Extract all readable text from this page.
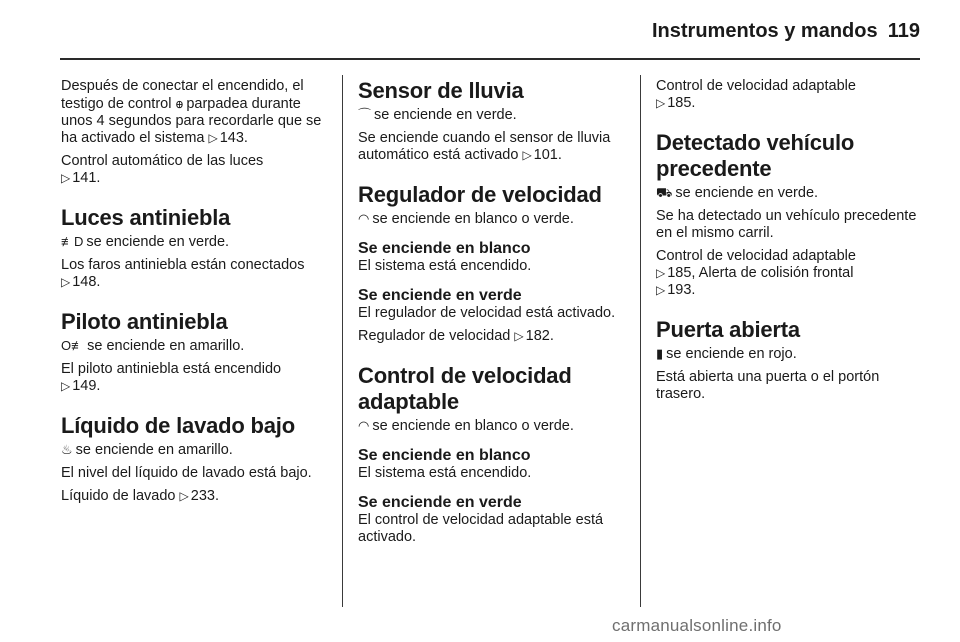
Instrumentos y mandos 119

Después de conectar el encendido, el testigo de control ꚛ parpadea durante unos 4 segundos para recordarle que se ha activado el sistema ▷ 143.

Control automático de las luces
▷ 141.

Luces antiniebla

≢D se enciende en verde.

Los faros antiniebla están conectados ▷ 148.

Piloto antiniebla

O≢ se enciende en amarillo.

El piloto antiniebla está encendido
▷ 149.

Líquido de lavado bajo

♨ se enciende en amarillo.

El nivel del líquido de lavado está bajo.

Líquido de lavado ▷ 233.

Sensor de lluvia

⌒ se enciende en verde.

Se enciende cuando el sensor de lluvia automático está activado ▷ 101.

Regulador de velocidad

◠ se enciende en blanco o verde.

Se enciende en blanco

El sistema está encendido.

Se enciende en verde

El regulador de velocidad está activado.

Regulador de velocidad ▷ 182.

Control de velocidad adaptable

◠ se enciende en blanco o verde.

Se enciende en blanco

El sistema está encendido.

Se enciende en verde

El control de velocidad adaptable está activado.

Control de velocidad adaptable
▷ 185.

Detectado vehículo precedente

⛟ se enciende en verde.

Se ha detectado un vehículo precedente en el mismo carril.

Control de velocidad adaptable
▷ 185, Alerta de colisión frontal
▷ 193.

Puerta abierta

▮ se enciende en rojo.

Está abierta una puerta o el portón trasero.

carmanualsonline.info
